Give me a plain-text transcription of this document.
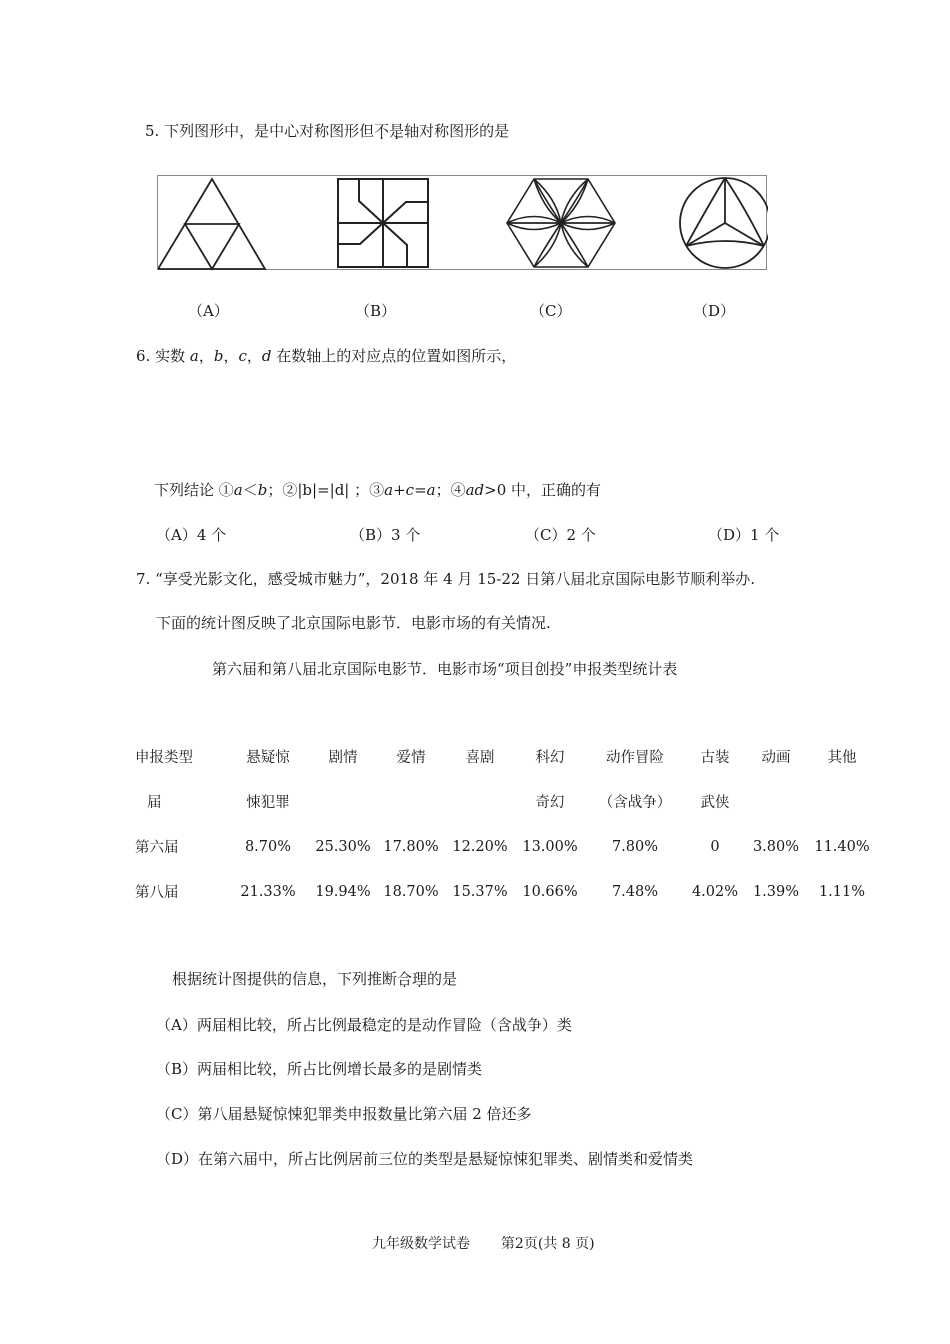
5. 下列图形中，是中心对称图形但不是轴对称图形的是
（A）	（B）	（C）	（D）
6. 实数 a，b，c，d 在数轴上的对应点的位置如图所示，
下列结论 ①a＜b；②|b|=|d| ；③a+c=a；④ad>0 中，正确的有
（A）4 个	（B）3 个	（C）2 个	（D）1 个
7. “享受光影文化，感受城市魅力”，2018 年 4 月 15-22 日第八届北京国际电影节顺利举办.
下面的统计图反映了北京国际电影节．电影市场的有关情况.
第六届和第八届北京国际电影节．电影市场“项目创投”申报类型统计表
申报类型	悬疑惊	剧情	爱情	喜剧	科幻	动作冒险	古装	动画	其他
届	悚犯罪				奇幻	（含战争）	武侠		
第六届	8.70%	25.30%	17.80%	12.20%	13.00%	7.80%	0	3.80%	11.40%
第八届	21.33%	19.94%	18.70%	15.37%	10.66%	7.48%	4.02%	1.39%	1.11%
根据统计图提供的信息，下列推断合理的是
（A）两届相比较，所占比例最稳定的是动作冒险（含战争）类
（B）两届相比较，所占比例增长最多的是剧情类
（C）第八届悬疑惊悚犯罪类申报数量比第六届 2 倍还多
（D）在第六届中，所占比例居前三位的类型是悬疑惊悚犯罪类、剧情类和爱情类
九年级数学试卷 第2页(共 8 页)
